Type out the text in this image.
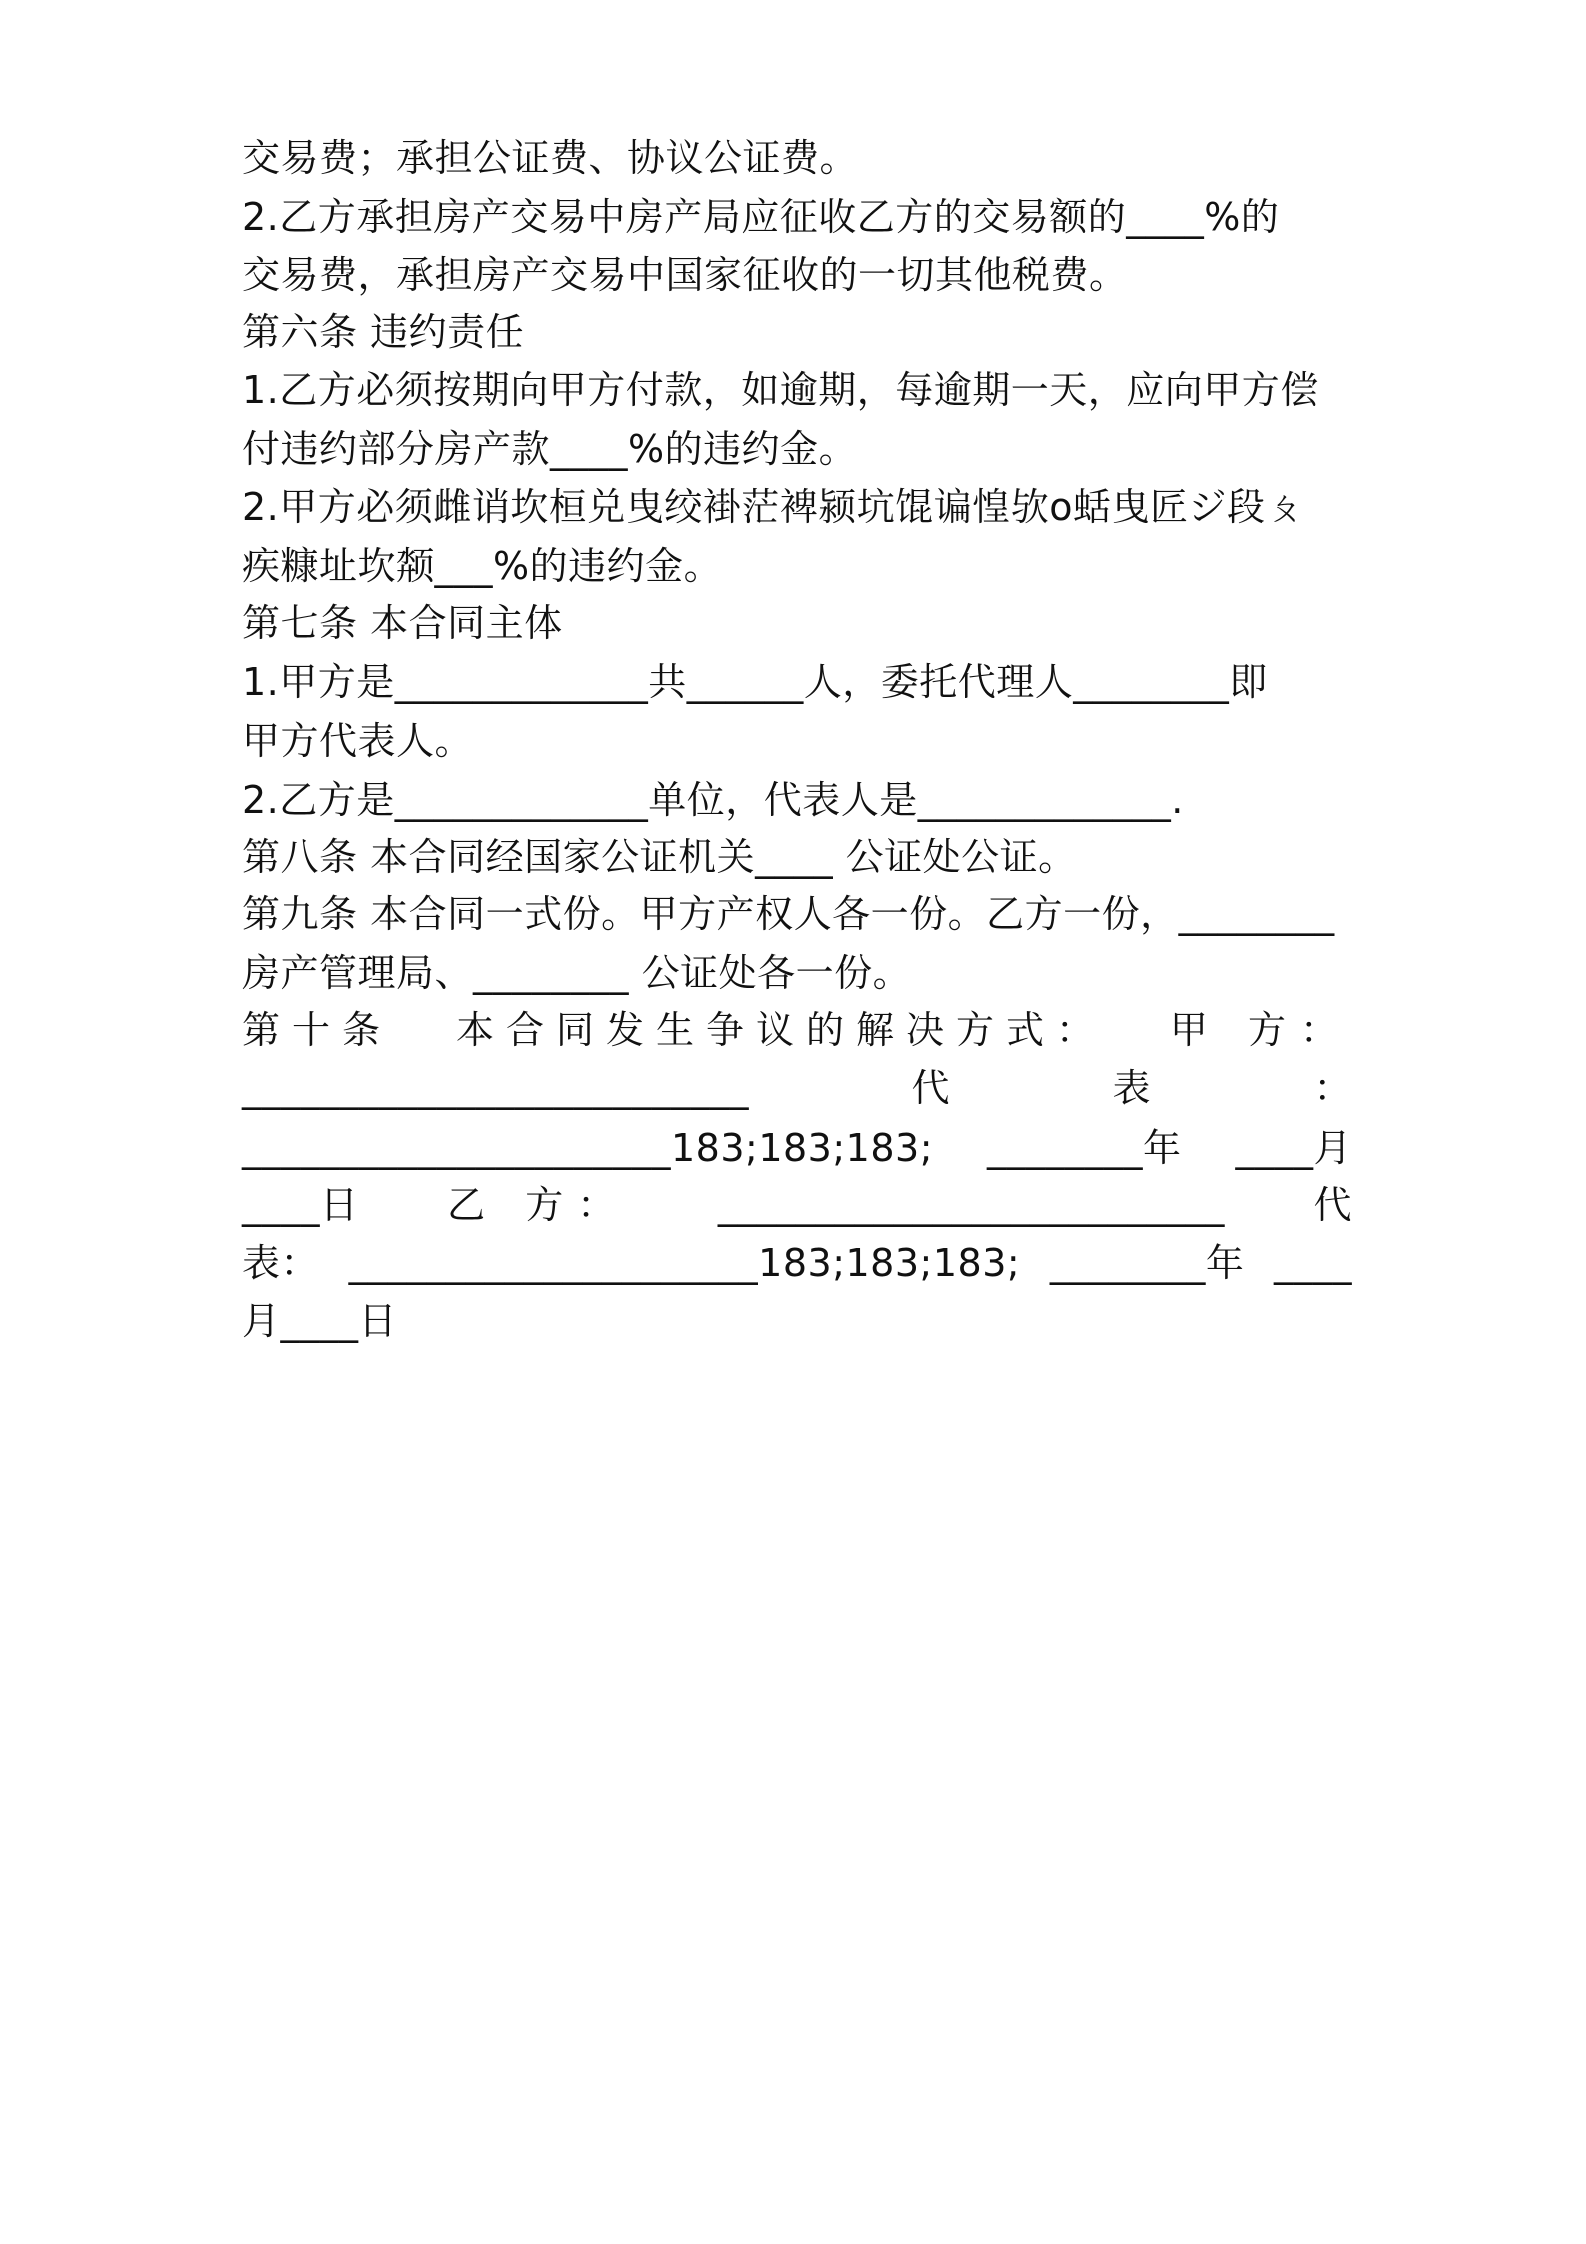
交易费；承担公证费、协议公证费。
2.乙方承担房产交易中房产局应征收乙方的交易额的____%的
交易费，承担房产交易中国家征收的一切其他税费。
第六条 违约责任
1.乙方必须按期向甲方付款，如逾期，每逾期一天，应向甲方偿
付违约部分房产款____%的违约金。
2.甲方必须雌诮坎桓兑曳绞褂茫裨颍坑馄谝惶欤o蛞曳匠ジ段ㄆ
疾糠址坎颒___%的违约金。
第七条 本合同主体
1.甲方是_____________共______人，委托代理人________即
甲方代表人。
2.乙方是_____________单位，代表人是_____________.
第八条 本合同经国家公证机关____ 公证处公证。
第九条 本合同一式份。甲方产权人各一份。乙方一份，________
房产管理局、________ 公证处各一份。
第十条 本合同发生争议的解决方式： 甲 方：
__________________________	代	表	：
______________________183;183;183; ________年 ____月
____日 乙 方： __________________________ 代
表： _____________________183;183;183; ________年 ____
月____日
